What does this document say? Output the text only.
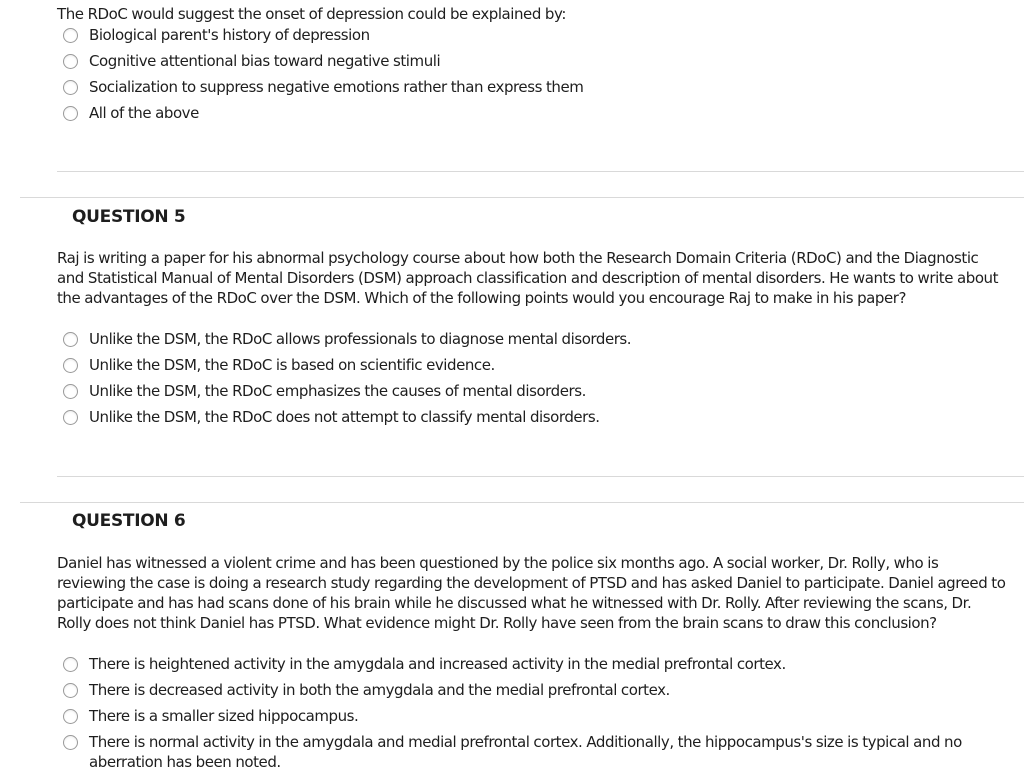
The RDoC would suggest the onset of depression could be explained by:
Biological parent's history of depression
Cognitive attentional bias toward negative stimuli
Socialization to suppress negative emotions rather than express them
All of the above
QUESTION 5
Raj is writing a paper for his abnormal psychology course about how both the Research Domain Criteria (RDoC) and the Diagnostic and Statistical Manual of Mental Disorders (DSM) approach classification and description of mental disorders. He wants to write about the advantages of the RDoC over the DSM. Which of the following points would you encourage Raj to make in his paper?
Unlike the DSM, the RDoC allows professionals to diagnose mental disorders.
Unlike the DSM, the RDoC is based on scientific evidence.
Unlike the DSM, the RDoC emphasizes the causes of mental disorders.
Unlike the DSM, the RDoC does not attempt to classify mental disorders.
QUESTION 6
Daniel has witnessed a violent crime and has been questioned by the police six months ago. A social worker, Dr. Rolly, who is reviewing the case is doing a research study regarding the development of PTSD and has asked Daniel to participate. Daniel agreed to participate and has had scans done of his brain while he discussed what he witnessed with Dr. Rolly. After reviewing the scans, Dr. Rolly does not think Daniel has PTSD. What evidence might Dr. Rolly have seen from the brain scans to draw this conclusion?
There is heightened activity in the amygdala and increased activity in the medial prefrontal cortex.
There is decreased activity in both the amygdala and the medial prefrontal cortex.
There is a smaller sized hippocampus.
There is normal activity in the amygdala and medial prefrontal cortex. Additionally, the hippocampus's size is typical and no aberration has been noted.
